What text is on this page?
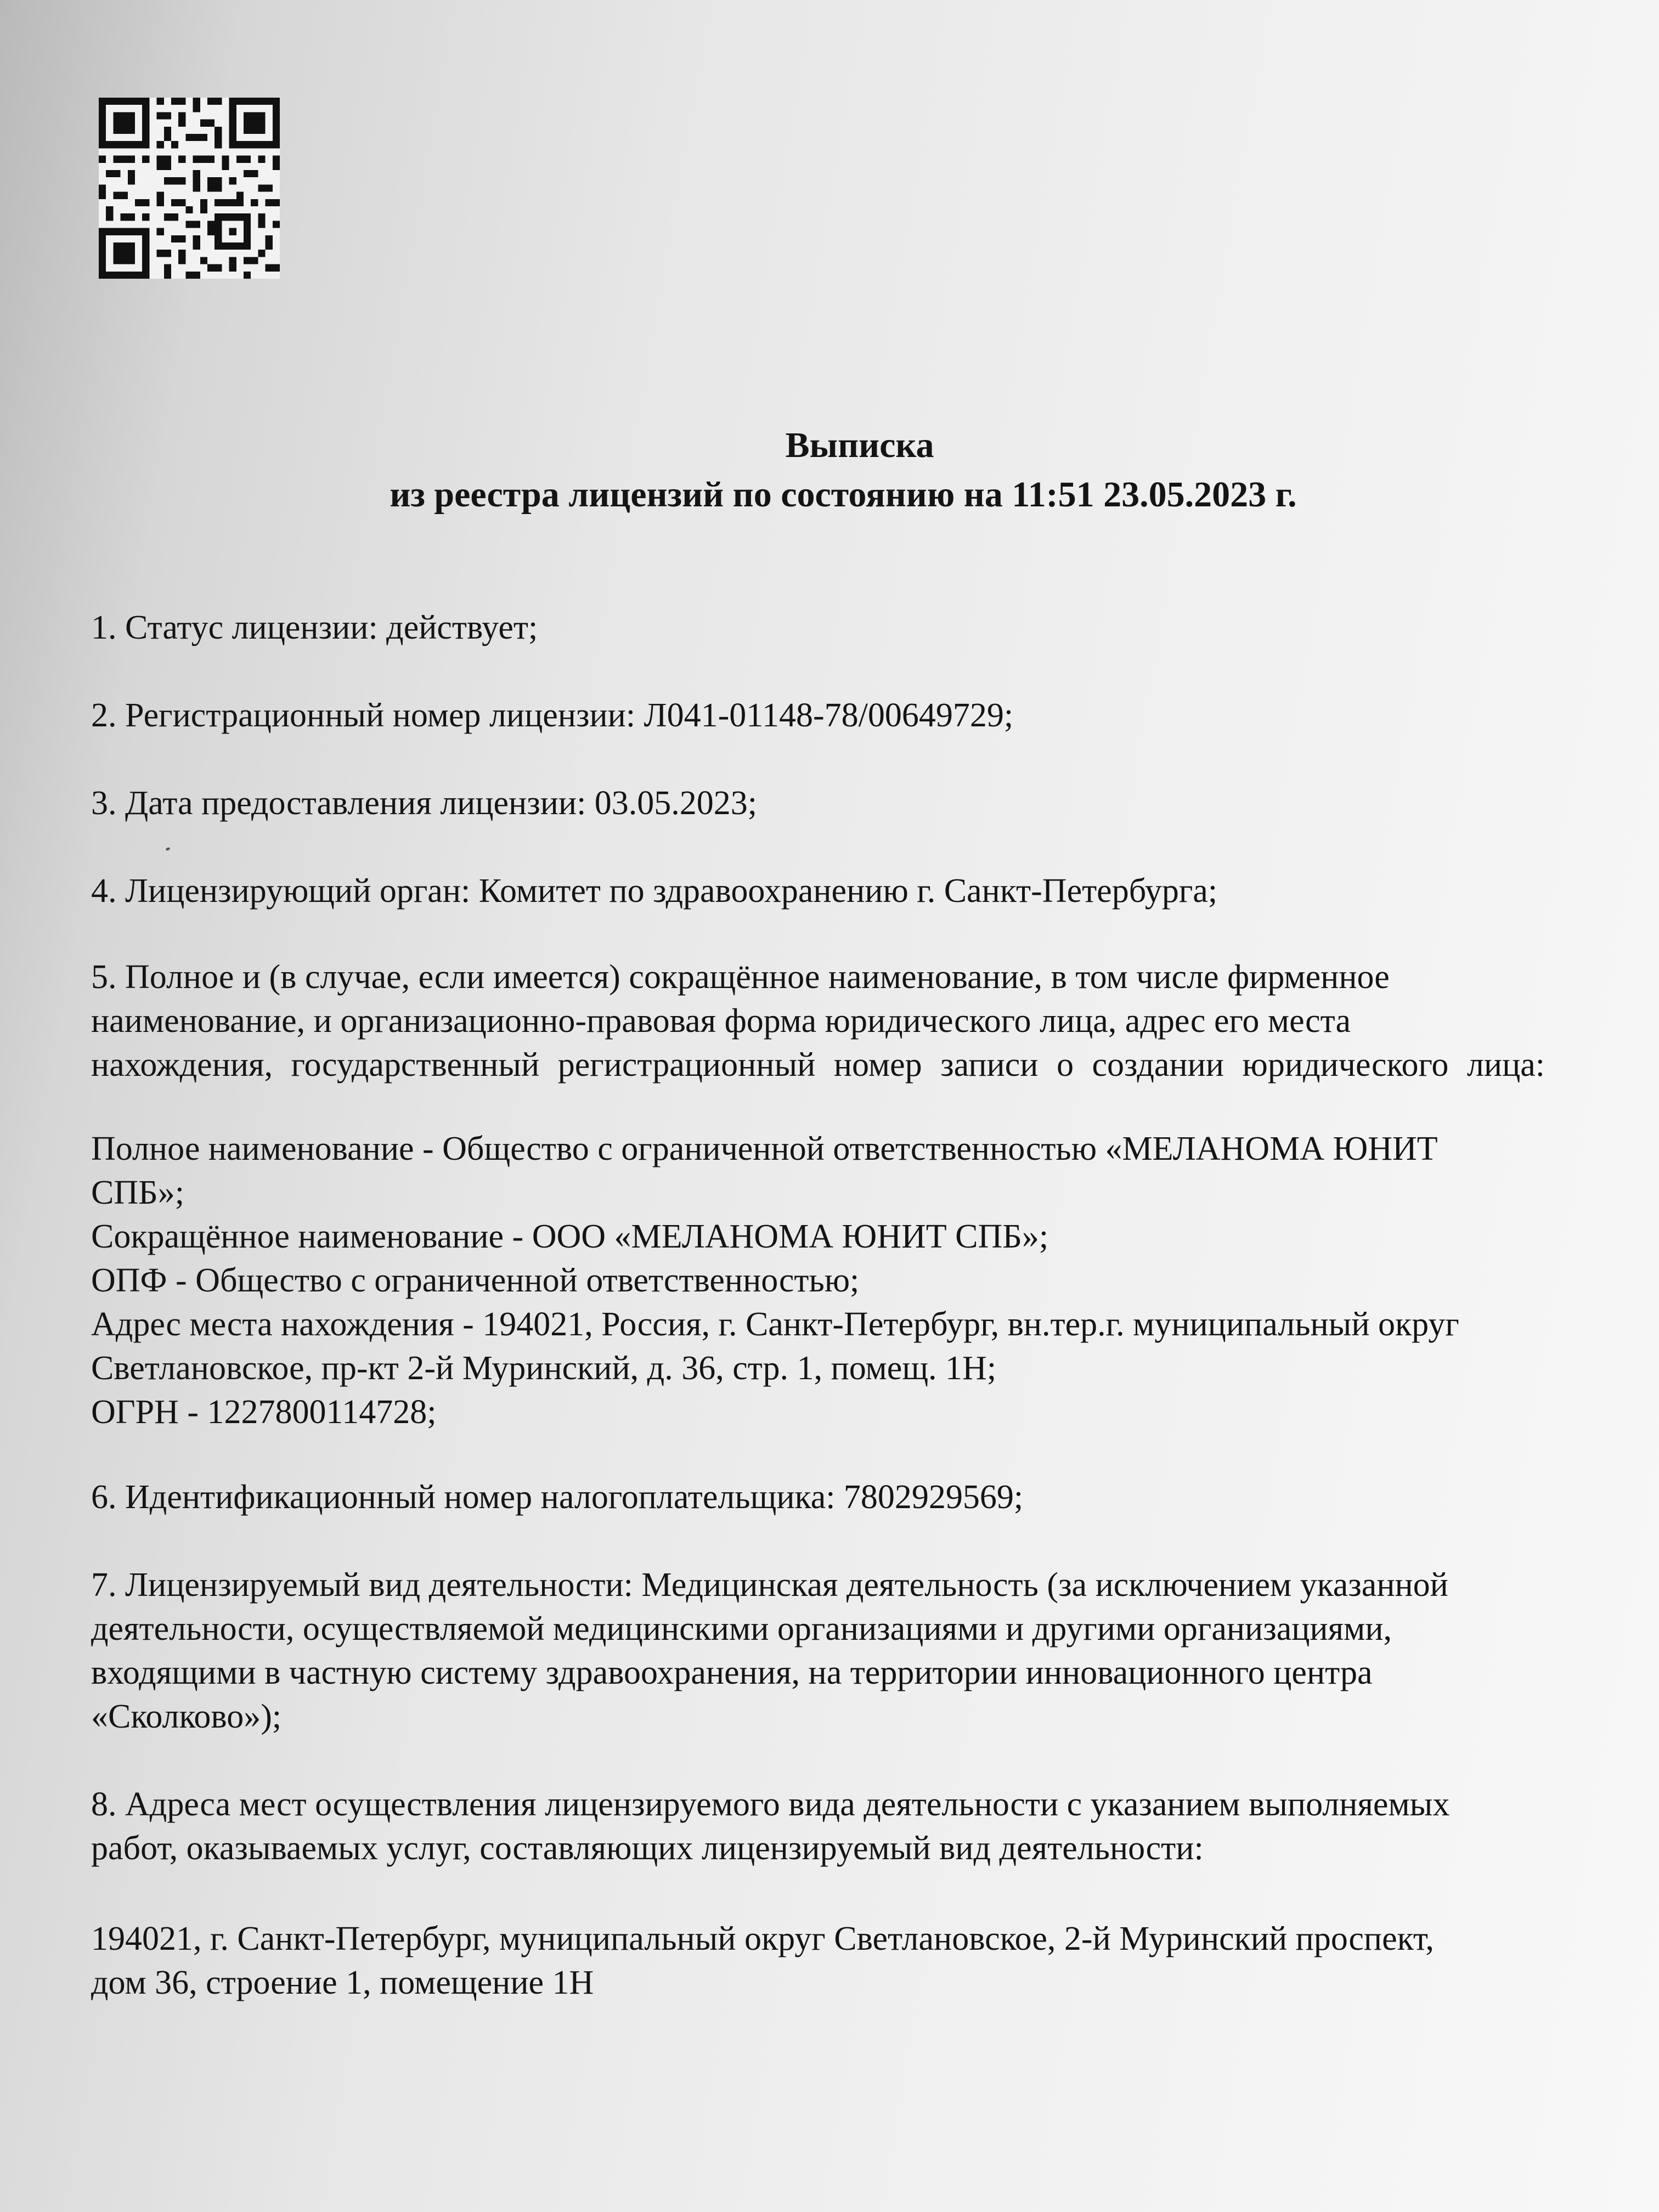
Выписка
из реестра лицензий по состоянию на 11:51 23.05.2023 г.
1. Статус лицензии: действует;
2. Регистрационный номер лицензии: Л041-01148-78/00649729;
3. Дата предоставления лицензии: 03.05.2023;
4. Лицензирующий орган: Комитет по здравоохранению г. Санкт-Петербурга;
5. Полное и (в случае, если имеется) сокращённое наименование, в том числе фирменное
наименование, и организационно-правовая форма юридического лица, адрес его места
нахождения, государственный регистрационный номер записи о создании юридического лица:
Полное наименование - Общество с ограниченной ответственностью «МЕЛАНОМА ЮНИТ
СПБ»;
Сокращённое наименование - ООО «МЕЛАНОМА ЮНИТ СПБ»;
ОПФ - Общество с ограниченной ответственностью;
Адрес места нахождения - 194021, Россия, г. Санкт-Петербург, вн.тер.г. муниципальный округ
Светлановское, пр-кт 2-й Муринский, д. 36, стр. 1, помещ. 1Н;
ОГРН - 1227800114728;
6. Идентификационный номер налогоплательщика: 7802929569;
7. Лицензируемый вид деятельности: Медицинская деятельность (за исключением указанной
деятельности, осуществляемой медицинскими организациями и другими организациями,
входящими в частную систему здравоохранения, на территории инновационного центра
«Сколково»);
8. Адреса мест осуществления лицензируемого вида деятельности с указанием выполняемых
работ, оказываемых услуг, составляющих лицензируемый вид деятельности:
194021, г. Санкт-Петербург, муниципальный округ Светлановское, 2-й Муринский проспект,
дом 36, строение 1, помещение 1Н
